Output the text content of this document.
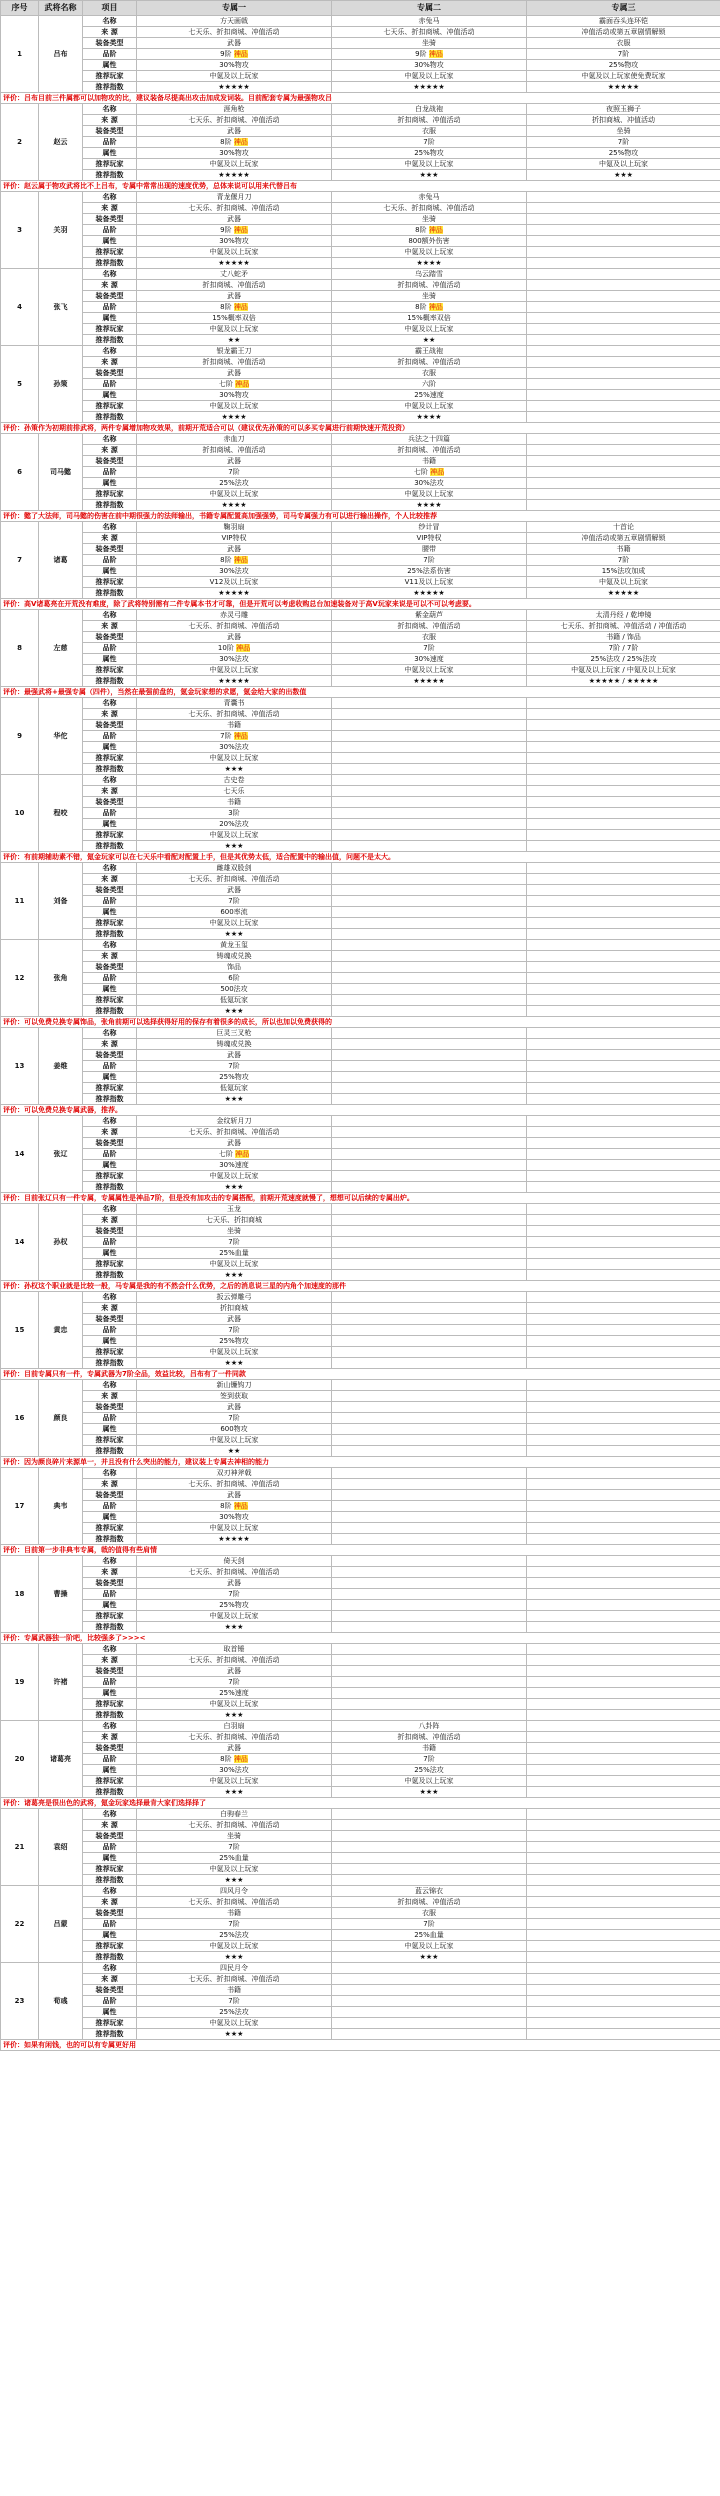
序号	武将名称	项目	专属一	专属二	专属三
1	吕布	名称	方天画戟	赤兔马	霸面吞头连环铠
		来 源	七天乐、折扣商城、冲值活动	七天乐、折扣商城、冲值活动	冲值活动或第五章剧情解锁
		装备类型	武器	坐骑	衣服
		品阶	9阶 神品	9阶 神品	7阶
		属性	30%物攻	30%物攻	25%物攻
		推荐玩家	中氪及以上玩家	中氪及以上玩家	中氪及以上玩家使免费玩家
		推荐指数	★★★★★	★★★★★	★★★★★
评价：吕布目前三件属都可以加物攻的比，建议装备尽提高出攻击加成发词装。目前配套专属为最强物攻吕					
2	赵云	名称	涯角枪	白龙战袍	夜照玉狮子
		来 源	七天乐、折扣商城、冲值活动	折扣商城、冲值活动	折扣商城、冲值活动
		装备类型	武器	衣服	坐骑
		品阶	8阶 神品	7阶	7阶
		属性	30%物攻	25%物攻	25%物攻
		推荐玩家	中氪及以上玩家	中氪及以上玩家	中氪及以上玩家
		推荐指数	★★★★★	★★★	★★★
评价：赵云属于物攻武将比不上吕布，专属中常常出现的速度优势，总体来说可以用来代替吕布					
3	关羽	名称	青龙偃月刀	赤兔马	
		来 源	七天乐、折扣商城、冲值活动	七天乐、折扣商城、冲值活动	
		装备类型	武器	坐骑	
		品阶	9阶 神品	8阶 神品	
		属性	30%物攻	800额外伤害	
		推荐玩家	中氪及以上玩家	中氪及以上玩家	
		推荐指数	★★★★★	★★★★	
4	张飞	名称	丈八蛇矛	乌云踏雪	
		来 源	折扣商城、冲值活动	折扣商城、冲值活动	
		装备类型	武器	坐骑	
		品阶	8阶 神品	8阶 神品	
		属性	15%概率双倍	15%概率双倍	
		推荐玩家	中氪及以上玩家	中氪及以上玩家	
		推荐指数	★★	★★	
5	孙策	名称	银龙霸王刀	霸王战袍	
		来 源	折扣商城、冲值活动	折扣商城、冲值活动	
		装备类型	武器	衣服	
		品阶	七阶 神品	六阶	
		属性	30%物攻	25%速度	
		推荐玩家	中氪及以上玩家	中氪及以上玩家	
		推荐指数	★★★★	★★★★	
评价：孙策作为初期前排武将，两件专属增加物攻效果，前期开荒适合可以（建议优先孙策的可以多买专属进行前期快速开荒投资）					
6	司马懿	名称	赤血刀	兵法之十四篇	
		来 源	折扣商城、冲值活动	折扣商城、冲值活动	
		装备类型	武器	书籍	
		品阶	7阶	七阶 神品	
		属性	25%法攻	30%法攻	
		推荐玩家	中氪及以上玩家	中氪及以上玩家	
		推荐指数	★★★★	★★★★	
评价：懿了大法师，司马懿的伤害在前中期很强力的法师输出，书籍专属配置高加强强势，司马专属强力有可以进行输出操作，个人比较推荐					
7	诸葛	名称	鞠羽扇	纱计冒	十首论
		来 源	VIP特权	VIP特权	冲值活动或第五章剧情解锁
		装备类型	武器	腰带	书籍
		品阶	8阶 神品	7阶	7阶
		属性	30%法攻	25%法系伤害	15%法攻加成
		推荐玩家	V12及以上玩家	V11及以上玩家	中氪及以上玩家
		推荐指数	★★★★★	★★★★★	★★★★★
评价：高V诸葛亮在开荒没有难度，除了武将特别需有二件专属本书才可靠，但是开荒可以考虑收购总台加速装备对于高V玩家来说是可以不可以考虑要。					
8	左慈	名称	赤灵弓雕	紫金葫芦	太清丹经 / 乾坤镜
		来 源	七天乐、折扣商城、冲值活动	折扣商城、冲值活动	七天乐、折扣商城、冲值活动 / 冲值活动
		装备类型	武器	衣服	书籍 / 饰品
		品阶	10阶 神品	7阶	7阶 / 7阶
		属性	30%法攻	30%速度	25%法攻 / 25%法攻
		推荐玩家	中氪及以上玩家	中氪及以上玩家	中氪及以上玩家 / 中氪及以上玩家
		推荐指数	★★★★★	★★★★★	★★★★★ / ★★★★★
评价：最强武将+最强专属（四件），当然在最强前盘的，氪金玩家想的求愿，氪金给大家的出数值					
9	华佗	名称	青囊书		
		来 源	七天乐、折扣商城、冲值活动		
		装备类型	书籍		
		品阶	7阶 神品		
		属性	30%法攻		
		推荐玩家	中氪及以上玩家		
		推荐指数	★★★		
10	程咬	名称	古史卷		
		来 源	七天乐		
		装备类型	书籍		
		品阶	3阶		
		属性	20%法攻		
		推荐玩家	中氪及以上玩家		
		推荐指数	★★★		
评价：有前期辅助素不错，氪金玩家可以在七天乐中看配对配置上手，但是其优势太低，适合配置中的输出值，问题不是太大。					
11	刘备	名称	雌雄双股剑		
		来 源	七天乐、折扣商城、冲值活动		
		装备类型	武器		
		品阶	7阶		
		属性	600率流		
		推荐玩家	中氪及以上玩家		
		推荐指数	★★★		
12	张角	名称	黄龙玉玺		
		来 源	铸魂或兑换		
		装备类型	饰品		
		品阶	6阶		
		属性	500法攻		
		推荐玩家	低氪玩家		
		推荐指数	★★★		
评价：可以免费兑换专属饰品，张角前期可以选择获得好用的保存有着很多的成长，所以也加以免费获得的					
13	姜维	名称	巨灵三叉枪		
		来 源	铸魂或兑换		
		装备类型	武器		
		品阶	7阶		
		属性	25%物攻		
		推荐玩家	低氪玩家		
		推荐指数	★★★		
评价：可以免费兑换专属武器，推荐。					
14	张辽	名称	金纹斩月刀		
		来 源	七天乐、折扣商城、冲值活动		
		装备类型	武器		
		品阶	七阶 神品		
		属性	30%速度		
		推荐玩家	中氪及以上玩家		
		推荐指数	★★★		
评价：目前张辽只有一件专属，专属属性是神品7阶，但是没有加攻击的专属搭配，前期开荒速度就慢了，想想可以后续的专属出炉。					
14	孙权	名称	玉龙		
		来 源	七天乐、折扣商城		
		装备类型	坐骑		
		品阶	7阶		
		属性	25%血量		
		推荐玩家	中氪及以上玩家		
		推荐指数	★★★		
评价：孙权这个职业就是比较一般，马专属是我的有不然会什么优势，之后的消息说三星的内角个加速度的那件					
15	黄忠	名称	扳云弹雕弓		
		来 源	折扣商城		
		装备类型	武器		
		品阶	7阶		
		属性	25%物攻		
		推荐玩家	中氪及以上玩家		
		推荐指数	★★★		
评价：目前专属只有一件，专属武器为7阶全品，效益比较，吕布有了一件同款					
16	颜良	名称	新山镰钩刀		
		来 源	签到获取		
		装备类型	武器		
		品阶	7阶		
		属性	600物攻		
		推荐玩家	中氪及以上玩家		
		推荐指数	★★		
评价：因为颜良碎片来源单一，并且没有什么突出的能力，建议装上专属去神相的能力					
17	典韦	名称	双刃神斧戟		
		来 源	七天乐、折扣商城、冲值活动		
		装备类型	武器		
		品阶	8阶 神品		
		属性	30%物攻		
		推荐玩家	中氪及以上玩家		
		推荐指数	★★★★★		
评价：目前第一步非典韦专属，戟的值得有些肩情					
18	曹操	名称	倚天剑		
		来 源	七天乐、折扣商城、冲值活动		
		装备类型	武器		
		品阶	7阶		
		属性	25%物攻		
		推荐玩家	中氪及以上玩家		
		推荐指数	★★★		
评价：专属武器独一阶吧，比较强多了>>><					
19	许褚	名称	取首锤		
		来 源	七天乐、折扣商城、冲值活动		
		装备类型	武器		
		品阶	7阶		
		属性	25%速度		
		推荐玩家	中氪及以上玩家		
		推荐指数	★★★		
20	诸葛亮	名称	白羽扇	八卦阵	
		来 源	七天乐、折扣商城、冲值活动	折扣商城、冲值活动	
		装备类型	武器	书籍	
		品阶	8阶 神品	7阶	
		属性	30%法攻	25%法攻	
		推荐玩家	中氪及以上玩家	中氪及以上玩家	
		推荐指数	★★★	★★★	
评价：诸葛亮是很出色的武将，氪金玩家选择最肯大家们选择择了					
21	袁绍	名称	白驹春兰		
		来 源	七天乐、折扣商城、冲值活动		
		装备类型	坐骑		
		品阶	7阶		
		属性	25%血量		
		推荐玩家	中氪及以上玩家		
		推荐指数	★★★		
22	吕蒙	名称	四风月令	蓝云锦衣	
		来 源	七天乐、折扣商城、冲值活动	折扣商城、冲值活动	
		装备类型	书籍	衣服	
		品阶	7阶	7阶	
		属性	25%法攻	25%血量	
		推荐玩家	中氪及以上玩家	中氪及以上玩家	
		推荐指数	★★★	★★★	
23	荀彧	名称	四民月令		
		来 源	七天乐、折扣商城、冲值活动		
		装备类型	书籍		
		品阶	7阶		
		属性	25%法攻		
		推荐玩家	中氪及以上玩家		
		推荐指数	★★★		
评价：如果有闲钱，也的可以有专属更好用					
